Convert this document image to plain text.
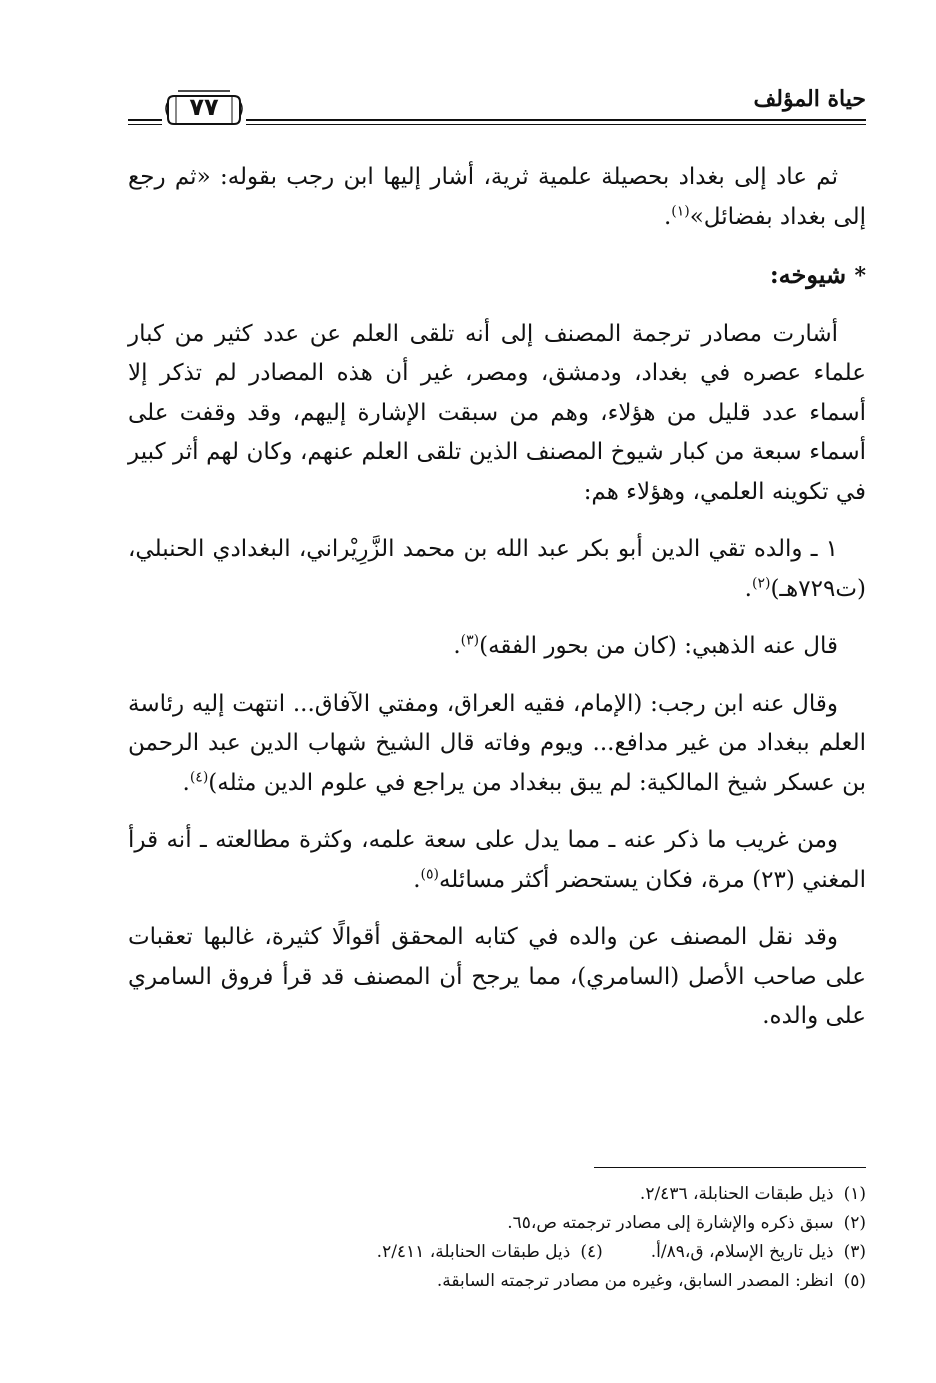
حياة المؤلف
٧٧

ثم عاد إلى بغداد بحصيلة علمية ثرية، أشار إليها ابن رجب بقوله: «ثم رجع إلى بغداد بفضائل»$^{(١)}$.

* شيوخه:

أشارت مصادر ترجمة المصنف إلى أنه تلقى العلم عن عدد كثير من كبار علماء عصره في بغداد، ودمشق، ومصر، غير أن هذه المصادر لم تذكر إلا أسماء عدد قليل من هؤلاء، وهم من سبقت الإشارة إليهم، وقد وقفت على أسماء سبعة من كبار شيوخ المصنف الذين تلقى العلم عنهم، وكان لهم أثر كبير في تكوينه العلمي، وهؤلاء هم:

١ ـ والده تقي الدين أبو بكر عبد الله بن محمد الزَّرِيْراني، البغدادي الحنبلي، (ت٧٢٩هـ)$^{(٢)}$.

قال عنه الذهبي: (كان من بحور الفقه)$^{(٣)}$.

وقال عنه ابن رجب: (الإمام، فقيه العراق، ومفتي الآفاق... انتهت إليه رئاسة العلم ببغداد من غير مدافع... ويوم وفاته قال الشيخ شهاب الدين عبد الرحمن بن عسكر شيخ المالكية: لم يبق ببغداد من يراجع في علوم الدين مثله)$^{(٤)}$.

ومن غريب ما ذكر عنه ـ مما يدل على سعة علمه، وكثرة مطالعته ـ أنه قرأ المغني (٢٣) مرة، فكان يستحضر أكثر مسائله$^{(٥)}$.

وقد نقل المصنف عن والده في كتابه المحقق أقوالًا كثيرة، غالبها تعقبات على صاحب الأصل (السامري)، مما يرجح أن المصنف قد قرأ فروق السامري على والده.

(١)ذيل طبقات الحنابلة، ٢/٤٣٦.
(٢)سبق ذكره والإشارة إلى مصادر ترجمته ص،٦٥.
(٣)ذيل تاريخ الإسلام، ق،٨٩/أ.(٤)ذيل طبقات الحنابلة، ٢/٤١١.
(٥)انظر: المصدر السابق، وغيره من مصادر ترجمته السابقة.
